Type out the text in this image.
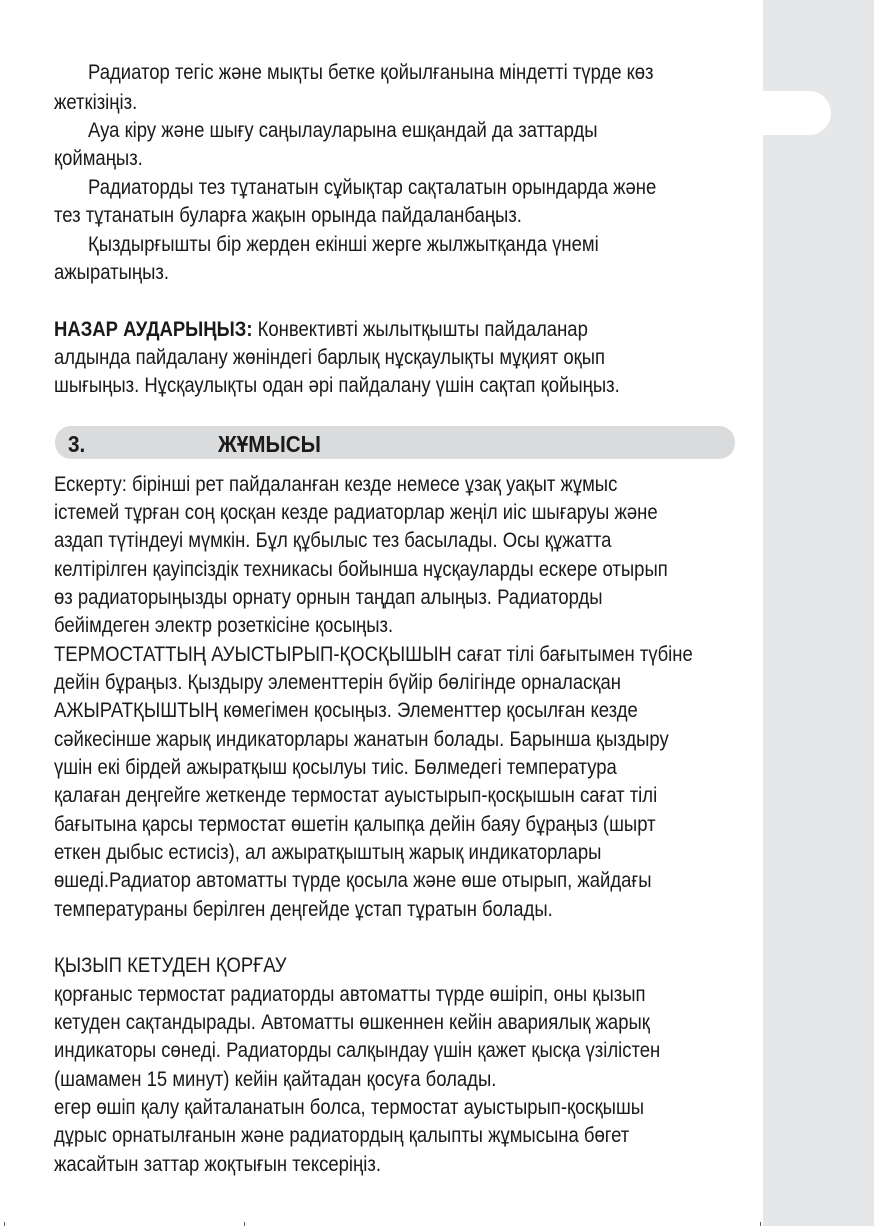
Радиатор тегіс және мықты бетке қойылғанына міндетті түрде көз
жеткізіңіз.
Ауа кіру және шығу саңылауларына ешқандай да заттарды
қоймаңыз.
Радиаторды тез тұтанатын сұйықтар сақталатын орындарда және
тез тұтанатын буларға жақын орында пайдаланбаңыз.
Қыздырғышты бір жерден екінші жерге жылжытқанда үнемі
ажыратыңыз.
НАЗАР АУДАРЫҢЫЗ: Конвективті жылытқышты пайдаланар
алдында пайдалану жөніндегі барлық нұсқаулықты мұқият оқып
шығыңыз. Нұсқаулықты одан әрі пайдалану үшін сақтап қойыңыз.
3.	ЖҰМЫСЫ
Ескерту: бірінші рет пайдаланған кезде немесе ұзақ уақыт жұмыс
істемей тұрған соң қосқан кезде радиаторлар жеңіл иіс шығаруы және
аздап түтіндеуі мүмкін. Бұл құбылыс тез басылады. Осы құжатта
келтірілген қауіпсіздік техникасы бойынша нұсқауларды ескере отырып
өз радиаторыңызды орнату орнын таңдап алыңыз. Радиаторды
бейімдеген электр розеткісіне қосыңыз.
ТЕРМОСТАТТЫҢ АУЫСТЫРЫП-ҚОСҚЫШЫН сағат тілі бағытымен түбіне
дейін бұраңыз. Қыздыру элементтерін бүйір бөлігінде орналасқан
АЖЫРАТҚЫШТЫҢ көмегімен қосыңыз. Элементтер қосылған кезде
сәйкесінше жарық индикаторлары жанатын болады. Барынша қыздыру
үшін екі бірдей ажыратқыш қосылуы тиіс. Бөлмедегі температура
қалаған деңгейге жеткенде термостат ауыстырып-қосқышын сағат тілі
бағытына қарсы термостат өшетін қалыпқа дейін баяу бұраңыз (шырт
еткен дыбыс естисіз), ал ажыратқыштың жарық индикаторлары
өшеді.Радиатор автоматты түрде қосыла және өше отырып, жайдағы
температураны берілген деңгейде ұстап тұратын болады.
ҚЫЗЫП КЕТУДЕН ҚОРҒАУ
қорғаныс термостат радиаторды автоматты түрде өшіріп, оны қызып
кетуден сақтандырады. Автоматты өшкеннен кейін авариялық жарық
индикаторы сөнеді. Радиаторды салқындау үшін қажет қысқа үзілістен
(шамамен 15 минут) кейін қайтадан қосуға болады.
егер өшіп қалу қайталанатын болса, термостат ауыстырып-қосқышы
дұрыс орнатылғанын және радиатордың қалыпты жұмысына бөгет
жасайтын заттар жоқтығын тексеріңіз.
